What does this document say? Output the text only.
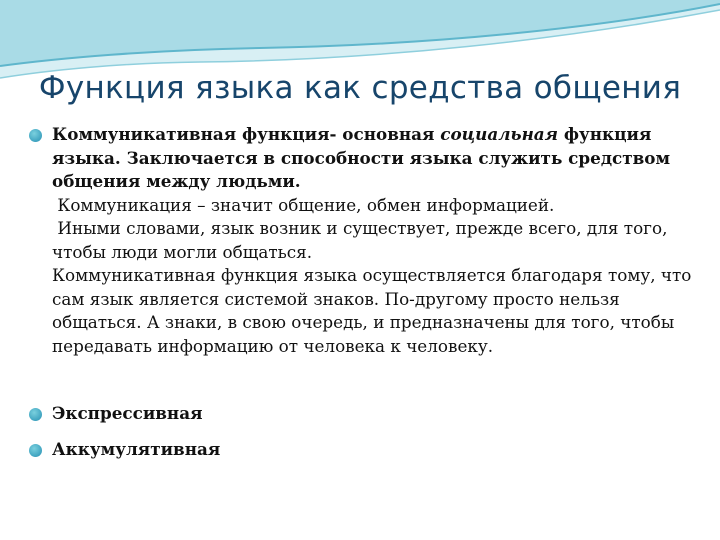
Функция языка как средства общения
Коммуникативная функция- основная социальная функция языка. Заключается в способности языка служить средством общения между людьми.
Коммуникация – значит общение, обмен информацией.
Иными словами, язык возник и существует, прежде всего, для того, чтобы люди могли общаться.
Коммуникативная функция языка осуществляется благодаря тому, что сам язык является системой знаков. По-другому просто нельзя общаться. А знаки, в свою очередь, и предназначены для того, чтобы передавать информацию от человека к человеку.
Экспрессивная
Аккумулятивная
